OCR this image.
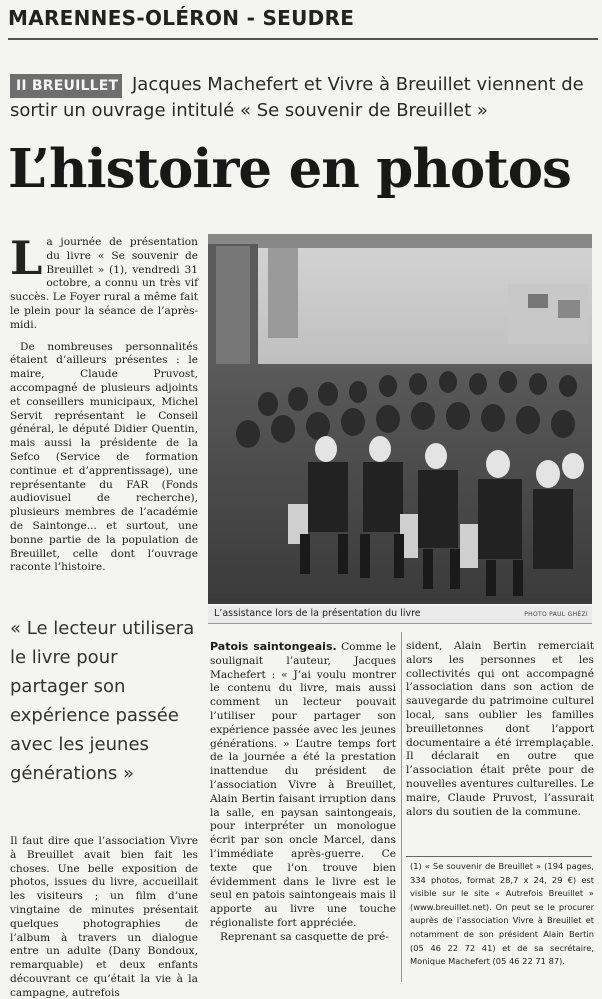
MARENNES-OLÉRON - SEUDRE
Jacques Machefert et Vivre à Breuillet viennent de sortir un ouvrage intitulé « Se souvenir de Breuillet »
II BREUILLET
L’histoire en photos
L a journée de présentation du livre « Se souvenir de Breuillet » (1), vendredi 31 octobre, a connu un très vif succès. Le Foyer rural a même fait le plein pour la séance de l’après-midi.

De nombreuses personnalités étaient d’ailleurs présentes : le maire, Claude Pruvost, accompagné de plusieurs adjoints et conseillers municipaux, Michel Servit représentant le Conseil général, le député Didier Quentin, mais aussi la présidente de la Sefco (Service de formation continue et d’apprentissage), une représentante du FAR (Fonds audiovisuel de recherche), plusieurs membres de l’académie de Saintonge... et surtout, une bonne partie de la population de Breuillet, celle dont l’ouvrage raconte l’histoire.

« Le lecteur utilisera le livre pour partager son expérience passée avec les jeunes générations »

Il faut dire que l’association Vivre à Breuillet avait bien fait les choses. Une belle exposition de photos, issues du livre, accueillait les visiteurs ; un film d’une vingtaine de minutes présentait quelques photographies de l’album à travers un dialogue entre un adulte (Dany Bondoux, remarquable) et deux enfants découvrant ce qu’était la vie à la campagne, autrefois

L’assistance lors de la présentation du livre	PHOTO PAUL GHÉZI

Patois saintongeais. Comme le soulignait l’auteur, Jacques Machefert : « J’ai voulu montrer le contenu du livre, mais aussi comment un lecteur pouvait l’utiliser pour partager son expérience passée avec les jeunes générations. » L’autre temps fort de la journée a été la prestation inattendue du président de l’association Vivre à Breuillet, Alain Bertin faisant irruption dans la salle, en paysan saintongeais, pour interpréter un monologue écrit par son oncle Marcel, dans l’immédiate après-guerre. Ce texte que l’on trouve bien évidemment dans le livre est le seul en patois saintongeais mais il apporte au livre une touche régionaliste fort appréciée.

Reprenant sa casquette de pré-

sident, Alain Bertin remerciait alors les personnes et les collectivités qui ont accompagné l’association dans son action de sauvegarde du patrimoine culturel local, sans oublier les familles breuilletonnes dont l’apport documentaire a été irremplaçable. Il déclarait en outre que l’association était prête pour de nouvelles aventures culturelles. Le maire, Claude Pruvost, l’assurait alors du soutien de la commune.

(1) « Se souvenir de Breuillet » (194 pages, 334 photos, format 28,7 x 24, 29 €) est visible sur le site « Autrefois Breuillet » (www.breuillet.net). On peut se le procurer auprès de l’association Vivre à Breuillet et notamment de son président Alain Bertin (05 46 22 72 41) et de sa secrétaire, Monique Machefert (05 46 22 71 87).
